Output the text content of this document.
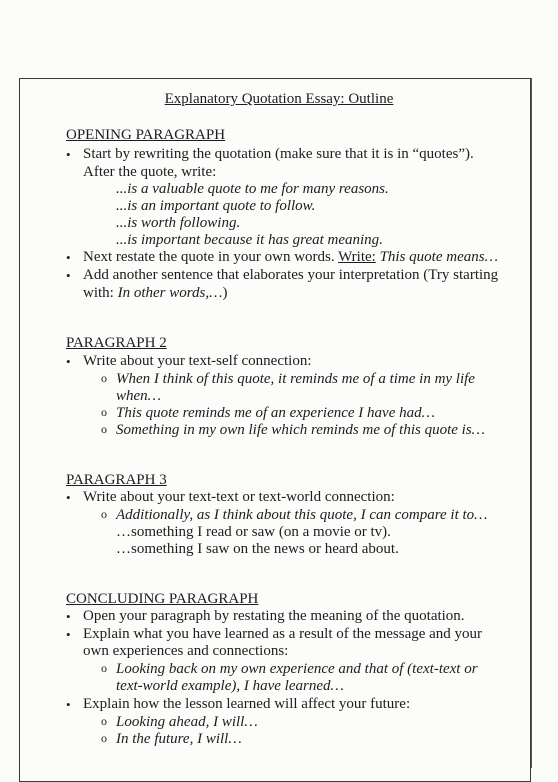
Explanatory Quotation Essay: Outline
OPENING PARAGRAPH
• Start by rewriting the quotation (make sure that it is in “quotes”).
After the quote, write:
...is a valuable quote to me for many reasons.
...is an important quote to follow.
...is worth following.
...is important because it has great meaning.
• Next restate the quote in your own words. Write: This quote means…
• Add another sentence that elaborates your interpretation (Try starting
with: In other words,…)
PARAGRAPH 2
• Write about your text-self connection:
o When I think of this quote, it reminds me of a time in my life
when…
o This quote reminds me of an experience I have had…
o Something in my own life which reminds me of this quote is…
PARAGRAPH 3
• Write about your text-text or text-world connection:
o Additionally, as I think about this quote, I can compare it to…
…something I read or saw (on a movie or tv).
…something I saw on the news or heard about.
CONCLUDING PARAGRAPH
• Open your paragraph by restating the meaning of the quotation.
• Explain what you have learned as a result of the message and your
own experiences and connections:
o Looking back on my own experience and that of (text-text or
text-world example), I have learned…
• Explain how the lesson learned will affect your future:
o Looking ahead, I will…
o In the future, I will…
